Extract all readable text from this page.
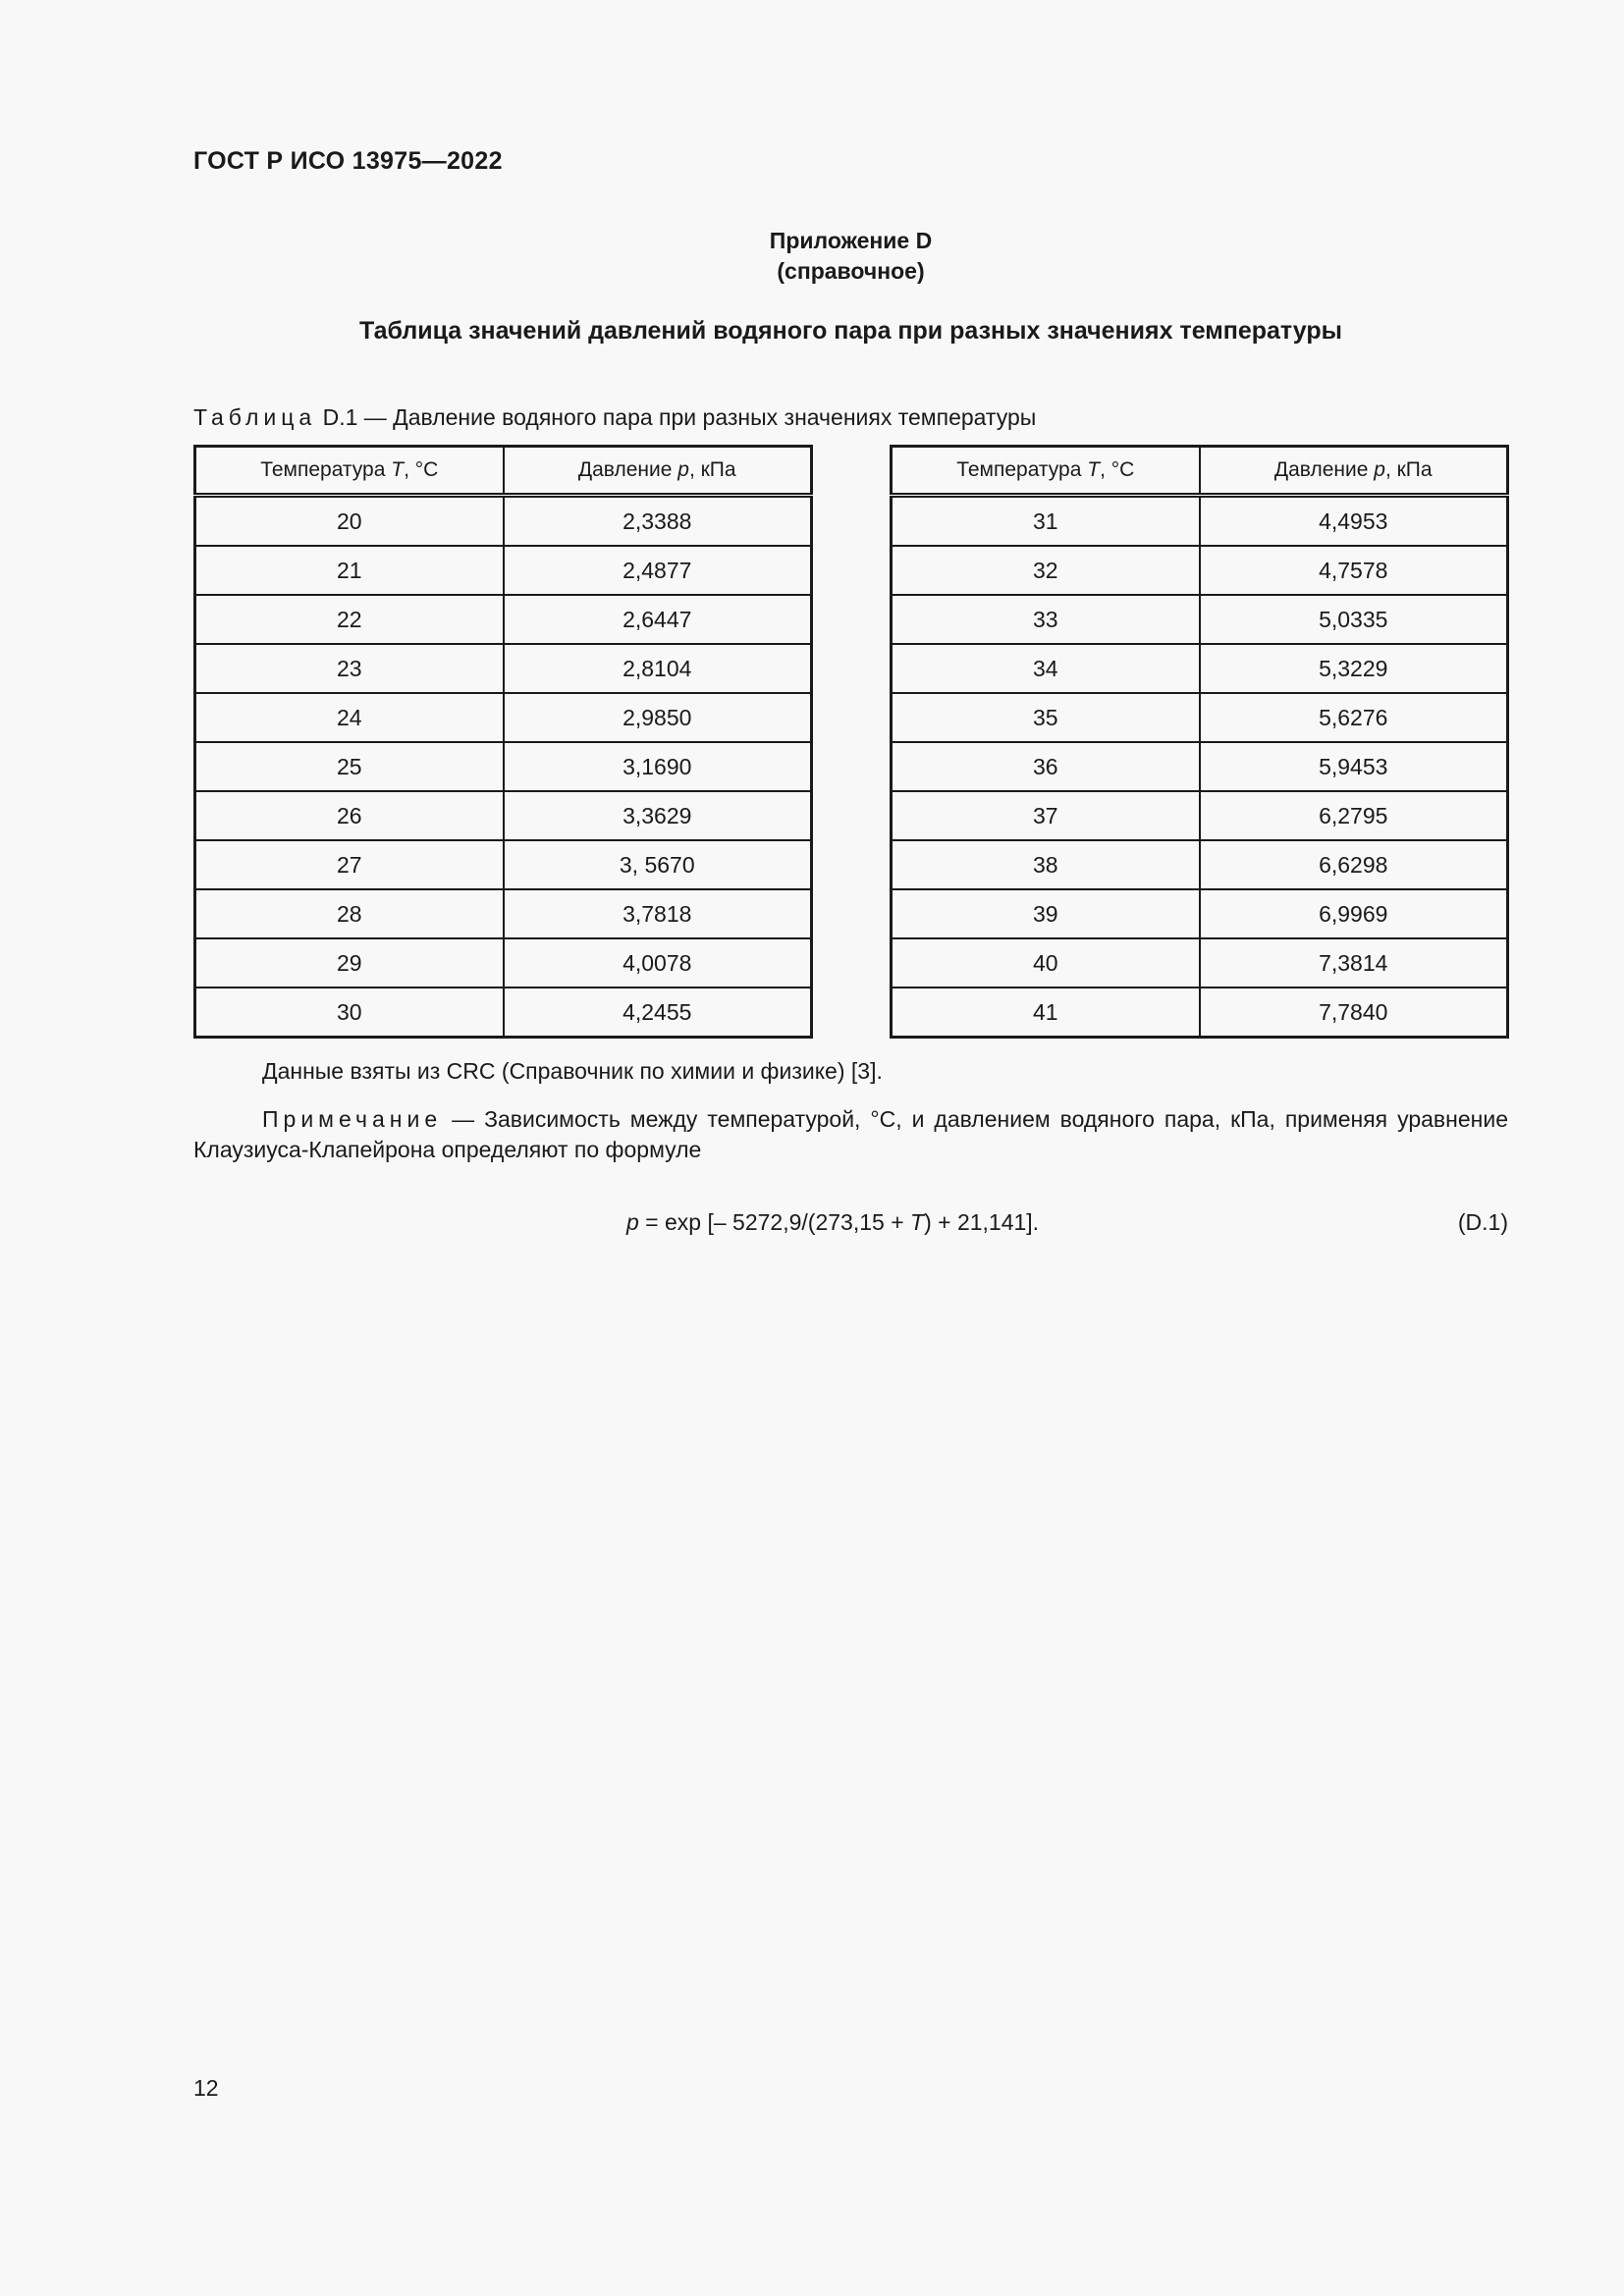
ГОСТ Р ИСО 13975—2022
Приложение D
(справочное)
Таблица значений давлений водяного пара при разных значениях температуры
Таблица D.1 — Давление водяного пара при разных значениях температуры
Температура T, °C	Давление p, кПа
20	2,3388
21	2,4877
22	2,6447
23	2,8104
24	2,9850
25	3,1690
26	3,3629
27	3, 5670
28	3,7818
29	4,0078
30	4,2455
Температура T, °C	Давление p, кПа
31	4,4953
32	4,7578
33	5,0335
34	5,3229
35	5,6276
36	5,9453
37	6,2795
38	6,6298
39	6,9969
40	7,3814
41	7,7840
Данные взяты из CRC (Справочник по химии и физике) [3].
Примечание — Зависимость между температурой, °C, и давлением водяного пара, кПа, применяя уравнение Клаузиуса-Клапейрона определяют по формуле
p = exp [– 5272,9/(273,15 + T) + 21,141].	(D.1)
12
